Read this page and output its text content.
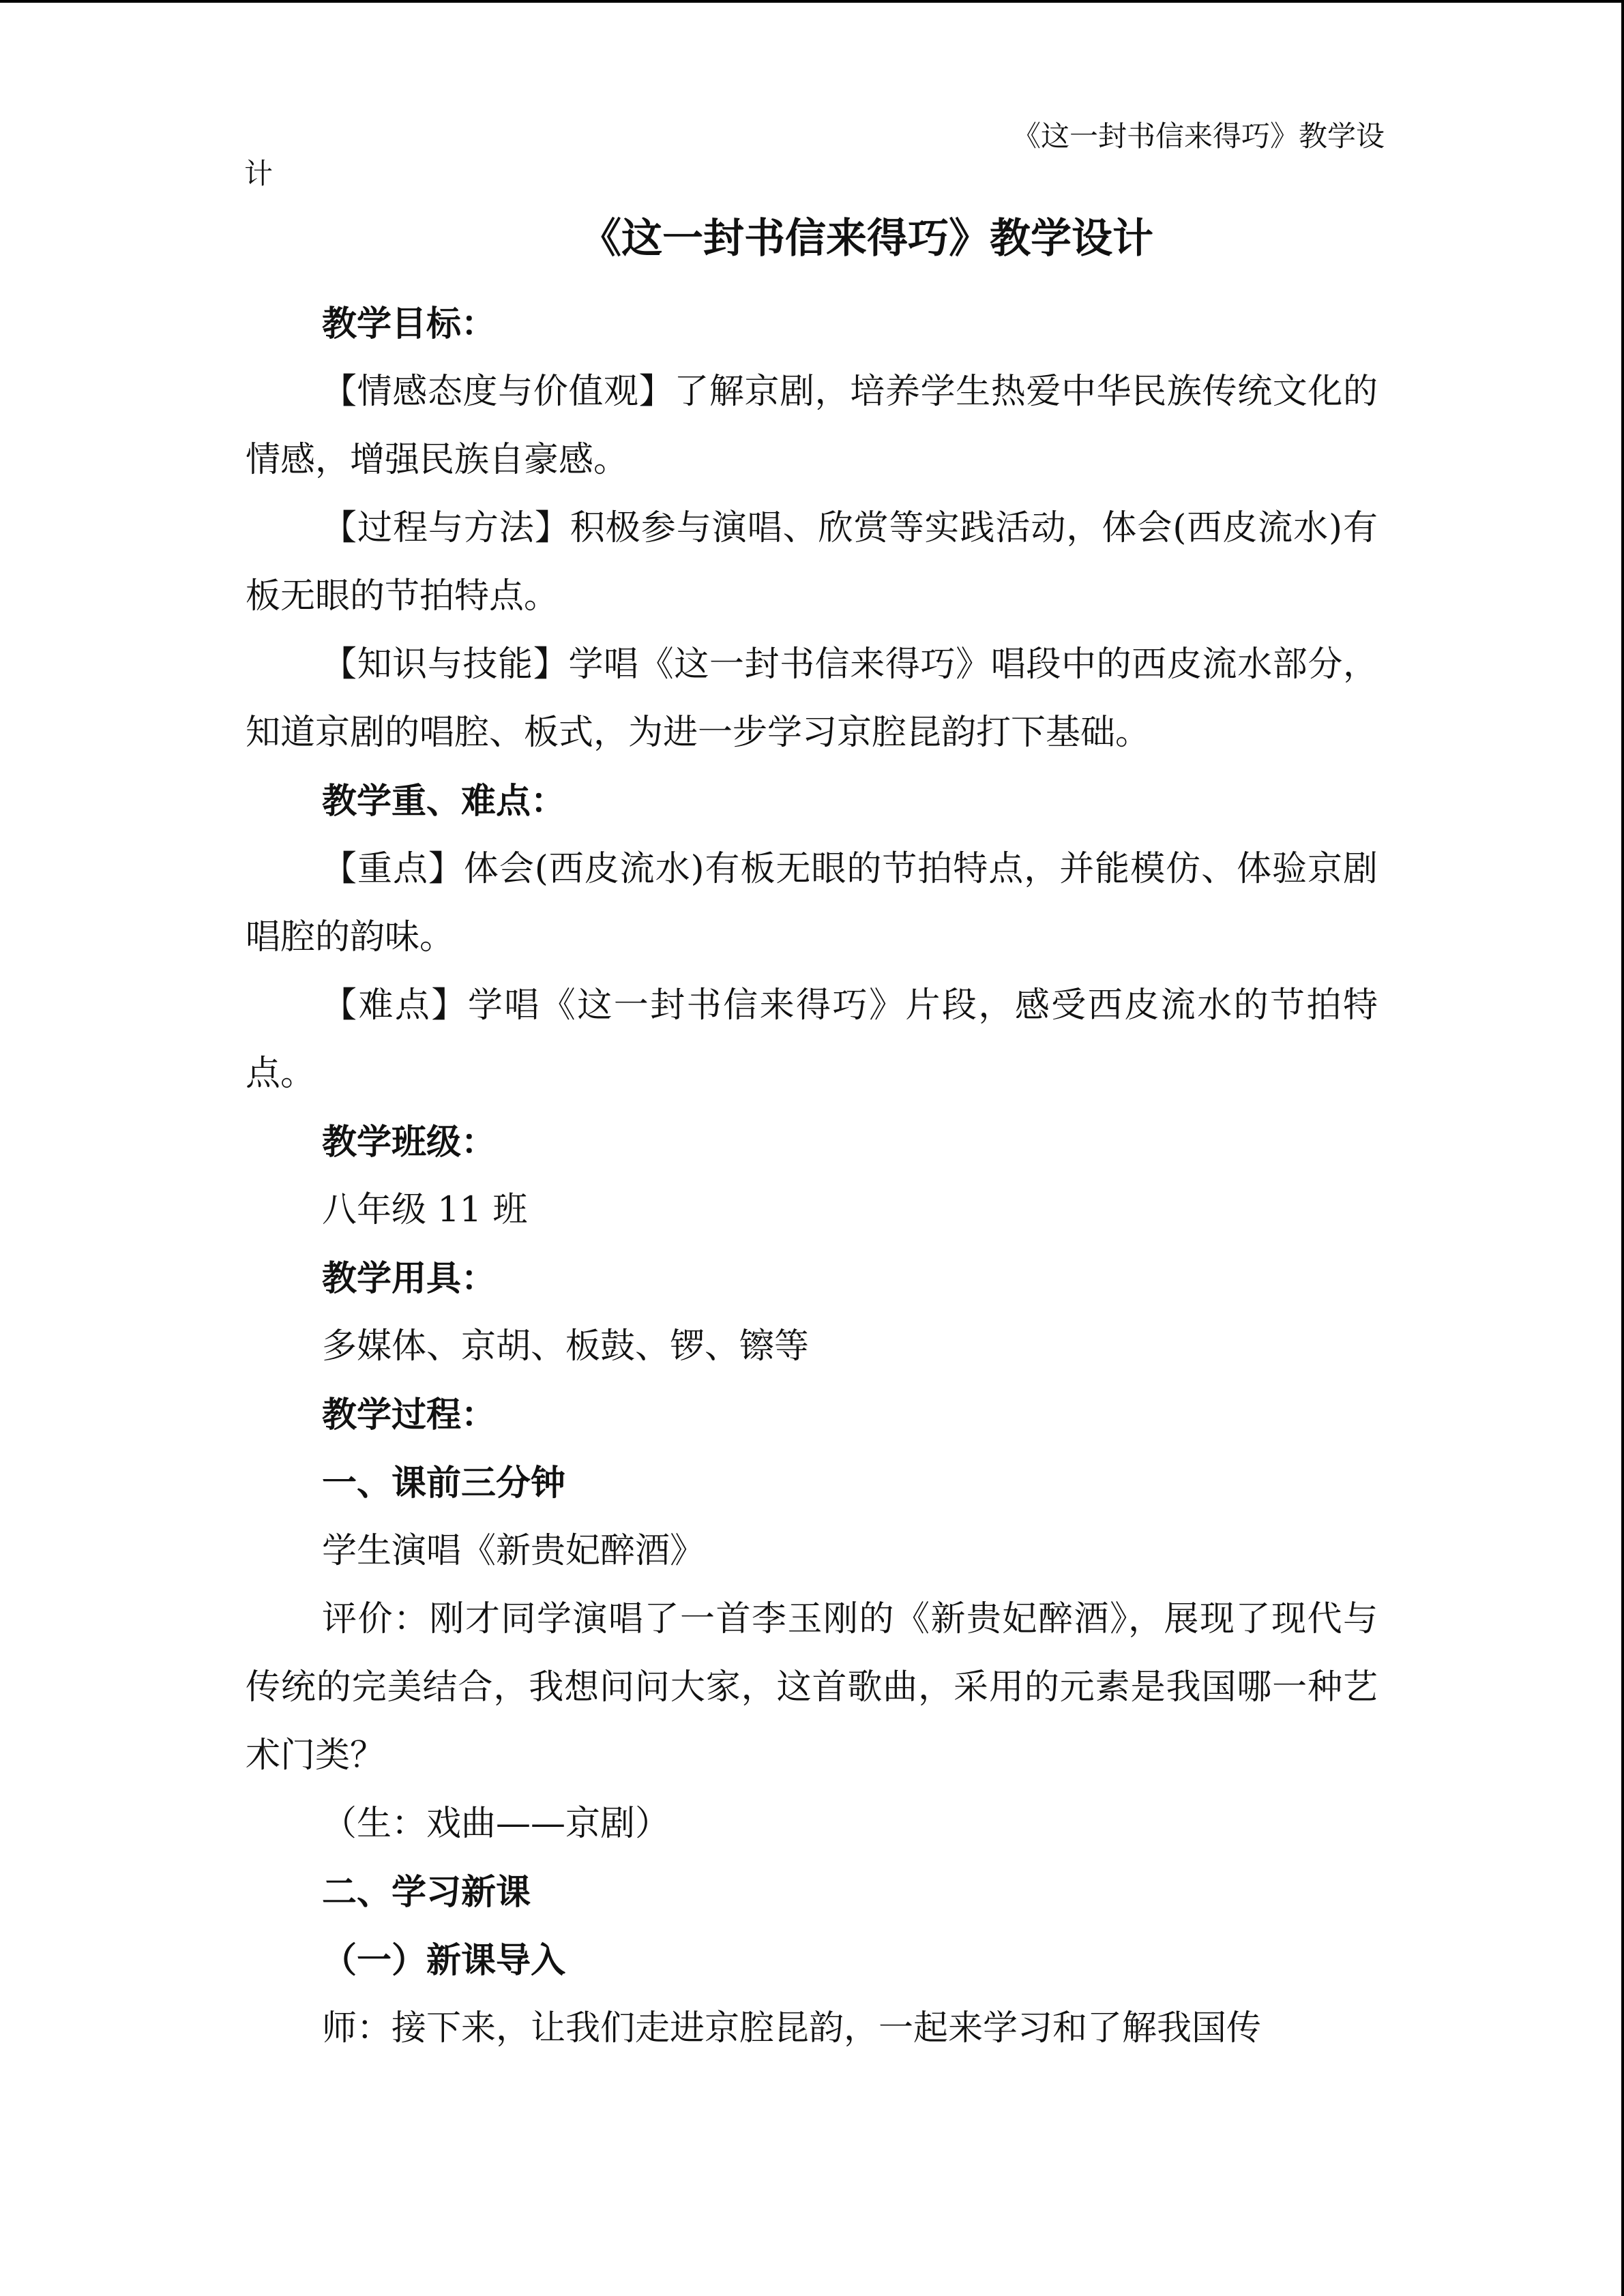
《这一封书信来得巧》教学设
计
《这一封书信来得巧》教学设计

教学目标：

【情感态度与价值观】了解京剧，培养学生热爱中华民族传统文化的情感，增强民族自豪感。

【过程与方法】积极参与演唱、欣赏等实践活动，体会(西皮流水)有板无眼的节拍特点。

【知识与技能】学唱《这一封书信来得巧》唱段中的西皮流水部分，知道京剧的唱腔、板式，为进一步学习京腔昆韵打下基础。

教学重、难点：

【重点】体会(西皮流水)有板无眼的节拍特点，并能模仿、体验京剧唱腔的韵味。

【难点】学唱《这一封书信来得巧》片段，感受西皮流水的节拍特点。

教学班级：

八年级 11 班

教学用具：

多媒体、京胡、板鼓、锣、镲等

教学过程：

一、课前三分钟

学生演唱《新贵妃醉酒》

评价：刚才同学演唱了一首李玉刚的《新贵妃醉酒》，展现了现代与传统的完美结合，我想问问大家，这首歌曲，采用的元素是我国哪一种艺术门类？

（生：戏曲——京剧）

二、学习新课

（一）新课导入

师：接下来，让我们走进京腔昆韵，一起来学习和了解我国传
